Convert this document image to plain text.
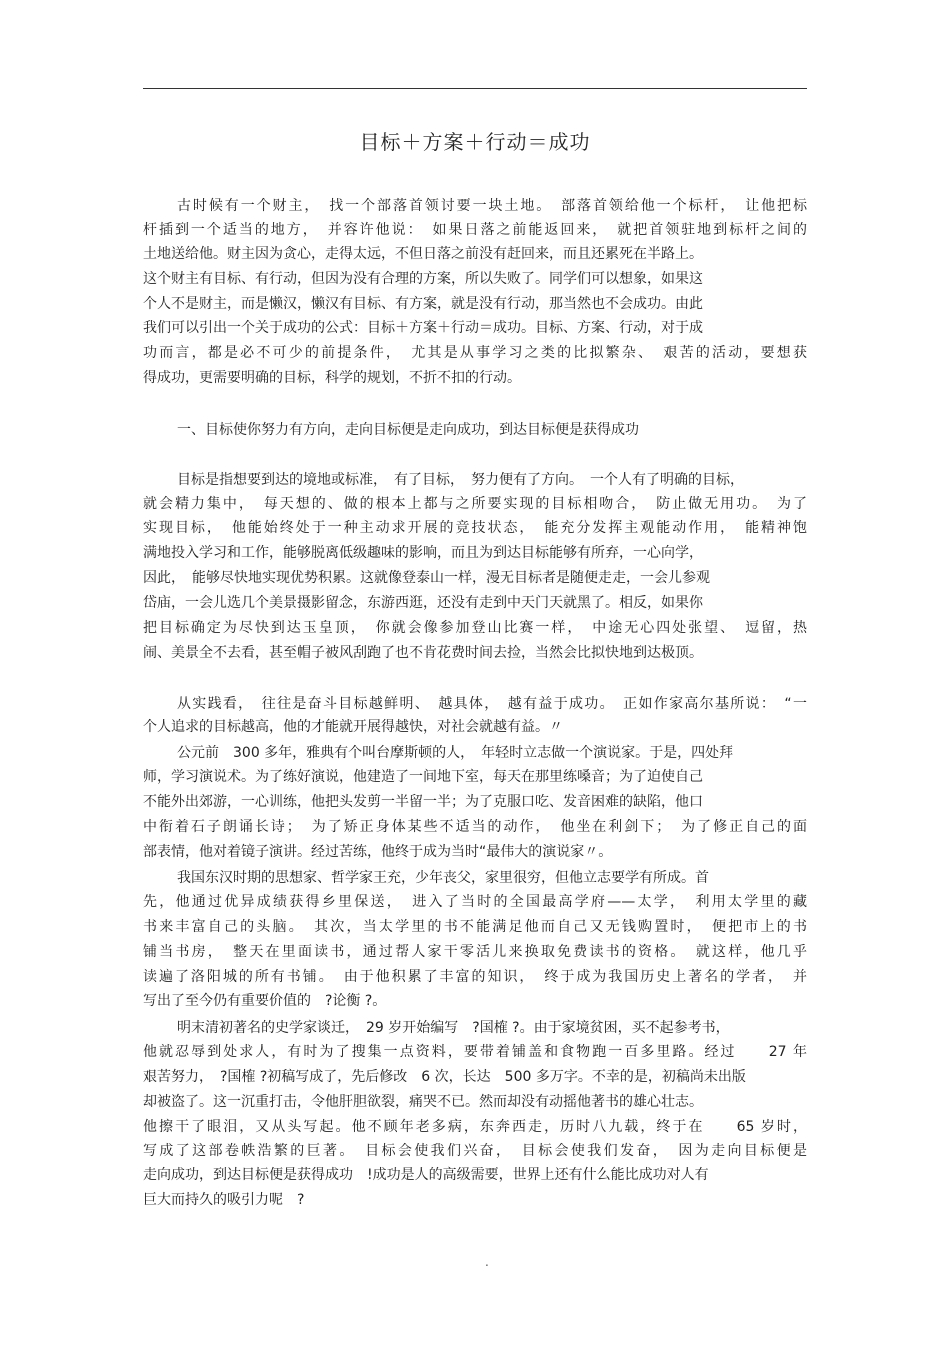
目标＋方案＋行动＝成功
古时候有一个财主，　找一个部落首领讨要一块土地。　部落首领给他一个标杆，　让他把标
杆插到一个适当的地方，　并容许他说：　如果日落之前能返回来，　就把首领驻地到标杆之间的
土地送给他。财主因为贪心，走得太远，不但日落之前没有赶回来，而且还累死在半路上。
这个财主有目标、有行动，但因为没有合理的方案，所以失败了。同学们可以想象，如果这
个人不是财主，而是懒汉，懒汉有目标、有方案，就是没有行动，那当然也不会成功。由此
我们可以引出一个关于成功的公式：目标＋方案＋行动＝成功。目标、方案、行动，对于成
功而言，都是必不可少的前提条件，　尤其是从事学习之类的比拟繁杂、　艰苦的活动，要想获
得成功，更需要明确的目标，科学的规划，不折不扣的行动。
一、目标使你努力有方向，走向目标便是走向成功，到达目标便是获得成功
目标是指想要到达的境地或标准，　有了目标，　努力便有了方向。　一个人有了明确的目标，
就会精力集中，　每天想的、做的根本上都与之所要实现的目标相吻合，　防止做无用功。　为了
实现目标，　他能始终处于一种主动求开展的竞技状态，　能充分发挥主观能动作用，　能精神饱
满地投入学习和工作，能够脱离低级趣味的影响，而且为到达目标能够有所弃，一心向学，
因此，　能够尽快地实现优势积累。这就像登泰山一样，漫无目标者是随便走走，一会儿参观
岱庙，一会儿选几个美景摄影留念，东游西逛，还没有走到中天门天就黑了。相反，如果你
把目标确定为尽快到达玉皇顶，　你就会像参加登山比赛一样，　中途无心四处张望、　逗留，热
闹、美景全不去看，甚至帽子被风刮跑了也不肯花费时间去捡，当然会比拟快地到达极顶。
从实践看，　往往是奋斗目标越鲜明、　越具体，　越有益于成功。　正如作家高尔基所说：　“一
个人追求的目标越高，他的才能就开展得越快，对社会就越有益。〃
公元前　300 多年，雅典有个叫台摩斯顿的人，　年轻时立志做一个演说家。于是，四处拜
师，学习演说术。为了练好演说，他建造了一间地下室，每天在那里练嗓音；为了迫使自己
不能外出郊游，一心训练，他把头发剪一半留一半；为了克服口吃、发音困难的缺陷，他口
中衔着石子朗诵长诗；　为了矫正身体某些不适当的动作，　他坐在利剑下；　为了修正自己的面
部表情，他对着镜子演讲。经过苦练，他终于成为当时“最伟大的演说家〃。
我国东汉时期的思想家、哲学家王充，少年丧父，家里很穷，但他立志要学有所成。首
先，他通过优异成绩获得乡里保送，　进入了当时的全国最高学府——太学，　利用太学里的藏
书来丰富自己的头脑。　其次，当太学里的书不能满足他而自己又无钱购置时，　便把市上的书
铺当书房，　整天在里面读书，通过帮人家干零活儿来换取免费读书的资格。　就这样，他几乎
读遍了洛阳城的所有书铺。　由于他积累了丰富的知识，　终于成为我国历史上著名的学者，　并
写出了至今仍有重要价值的　?论衡 ?。
明末清初著名的史学家谈迁，　29 岁开始编写　?国榷 ?。由于家境贫困，买不起参考书，
他就忍辱到处求人，有时为了搜集一点资料，要带着铺盖和食物跑一百多里路。经过　　27 年
艰苦努力，　?国榷 ?初稿写成了，先后修改　6 次，长达　500 多万字。不幸的是，初稿尚未出版
却被盗了。这一沉重打击，令他肝胆欲裂，痛哭不已。然而却没有动摇他著书的雄心壮志。
他擦干了眼泪，又从头写起。他不顾年老多病，东奔西走，历时八九载，终于在　　65 岁时，
写成了这部卷帙浩繁的巨著。　目标会使我们兴奋，　目标会使我们发奋，　因为走向目标便是
走向成功，到达目标便是获得成功　!成功是人的高级需要，世界上还有什么能比成功对人有
巨大而持久的吸引力呢　?
.
